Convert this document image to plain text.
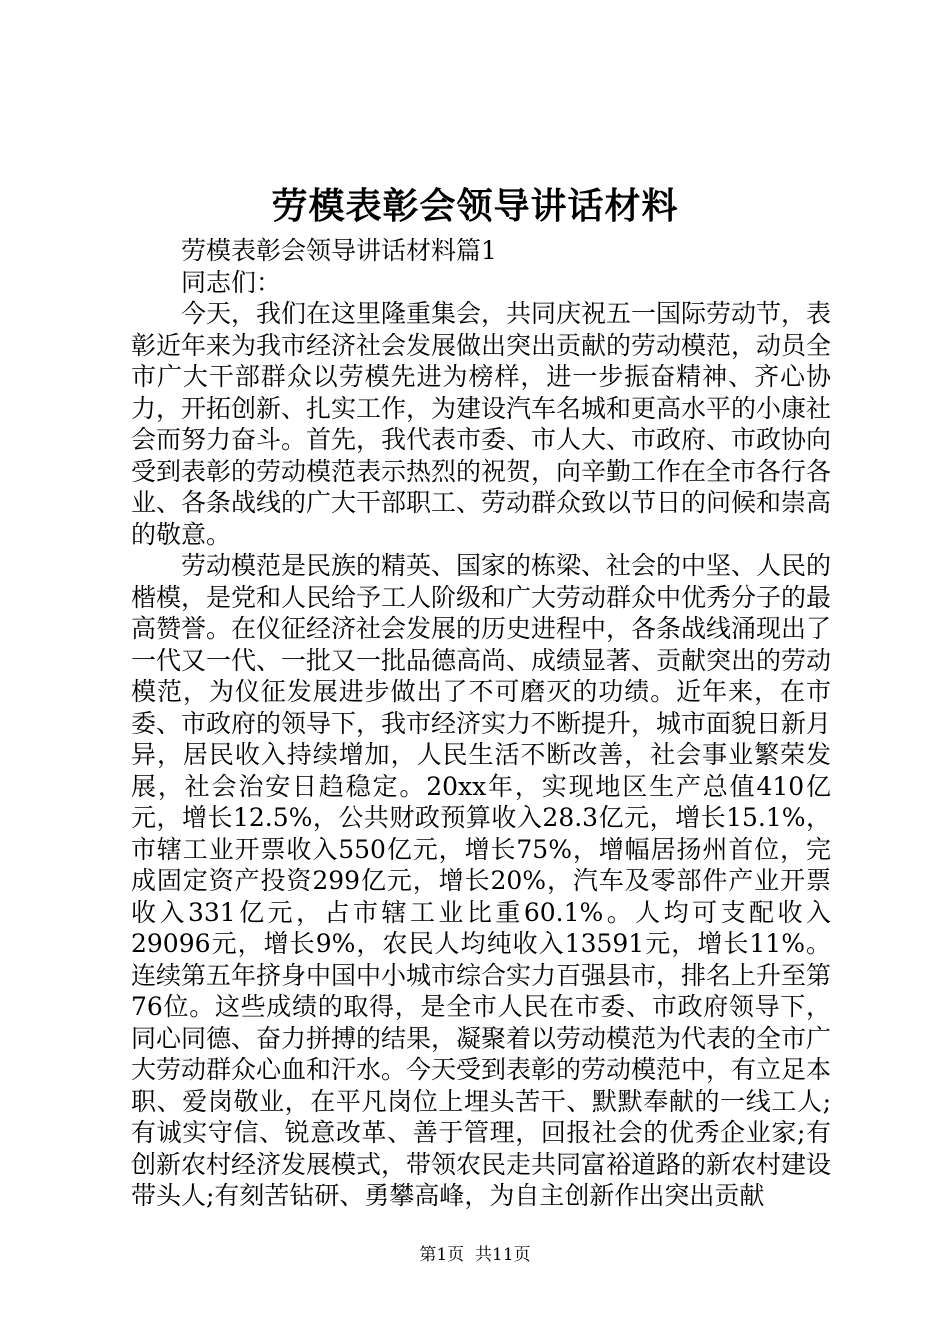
劳模表彰会领导讲话材料

劳模表彰会领导讲话材料篇1

同志们：

今天，我们在这里隆重集会，共同庆祝五一国际劳动节，表彰近年来为我市经济社会发展做出突出贡献的劳动模范，动员全市广大干部群众以劳模先进为榜样，进一步振奋精神、齐心协力，开拓创新、扎实工作，为建设汽车名城和更高水平的小康社会而努力奋斗。首先，我代表市委、市人大、市政府、市政协向受到表彰的劳动模范表示热烈的祝贺，向辛勤工作在全市各行各业、各条战线的广大干部职工、劳动群众致以节日的问候和崇高的敬意。

劳动模范是民族的精英、国家的栋梁、社会的中坚、人民的楷模，是党和人民给予工人阶级和广大劳动群众中优秀分子的最高赞誉。在仪征经济社会发展的历史进程中，各条战线涌现出了一代又一代、一批又一批品德高尚、成绩显著、贡献突出的劳动模范，为仪征发展进步做出了不可磨灭的功绩。近年来，在市委、市政府的领导下，我市经济实力不断提升，城市面貌日新月异，居民收入持续增加，人民生活不断改善，社会事业繁荣发展，社会治安日趋稳定。20xx年，实现地区生产总值410亿元，增长12.5%，公共财政预算收入28.3亿元，增长15.1%，市辖工业开票收入550亿元，增长75%，增幅居扬州首位，完成固定资产投资299亿元，增长20%，汽车及零部件产业开票收入331亿元，占市辖工业比重60.1%。人均可支配收入29096元，增长9%，农民人均纯收入13591元，增长11%。连续第五年挤身中国中小城市综合实力百强县市，排名上升至第76位。这些成绩的取得，是全市人民在市委、市政府领导下，同心同德、奋力拼搏的结果，凝聚着以劳动模范为代表的全市广大劳动群众心血和汗水。今天受到表彰的劳动模范中，有立足本职、爱岗敬业，在平凡岗位上埋头苦干、默默奉献的一线工人;有诚实守信、锐意改革、善于管理，回报社会的优秀企业家;有创新农村经济发展模式，带领农民走共同富裕道路的新农村建设带头人;有刻苦钻研、勇攀高峰，为自主创新作出突出贡献

第1页 共11页
